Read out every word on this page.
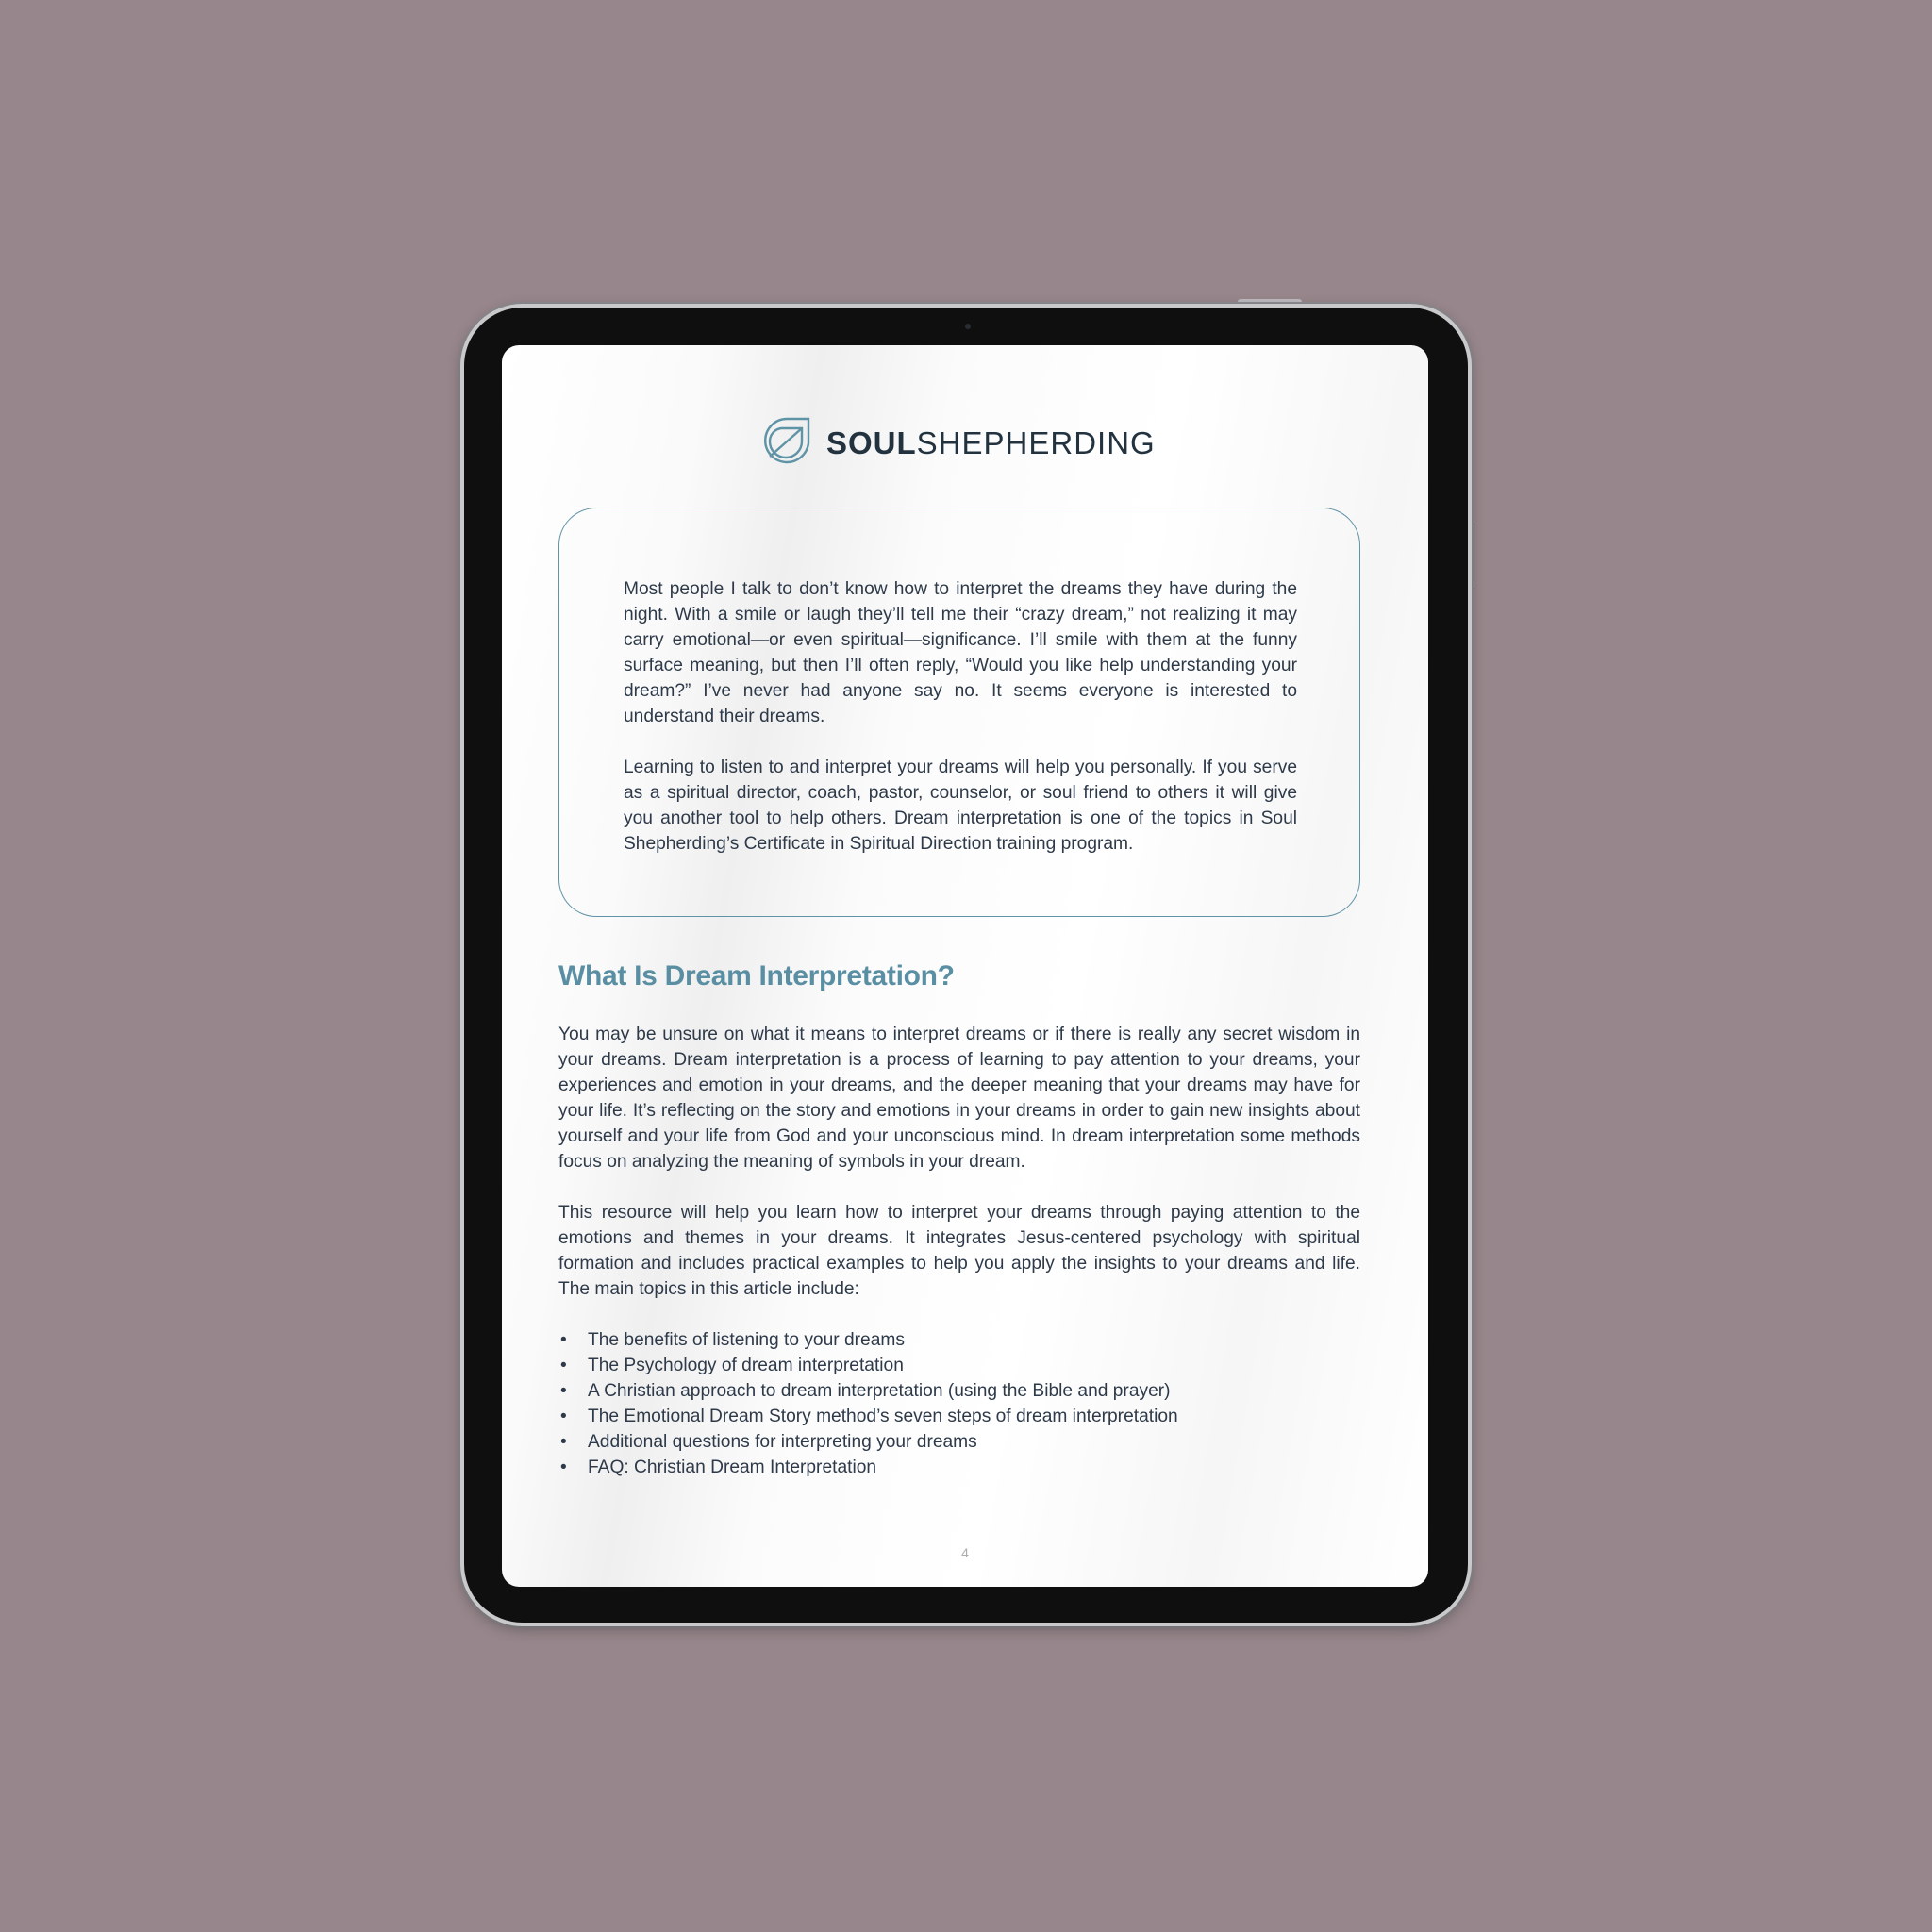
SOULSHEPHERDING

Most people I talk to don’t know how to interpret the dreams they have during the night. With a smile or laugh they’ll tell me their “crazy dream,” not realizing it may carry emotional—or even spiritual—significance. I’ll smile with them at the funny surface meaning, but then I’ll often reply, “Would you like help understanding your dream?” I’ve never had anyone say no. It seems everyone is interested to understand their dreams.

Learning to listen to and interpret your dreams will help you personally. If you serve as a spiritual director, coach, pastor, counselor, or soul friend to others it will give you another tool to help others. Dream interpretation is one of the topics in Soul Shepherding’s Certificate in Spiritual Direction training program.

What Is Dream Interpretation?

You may be unsure on what it means to interpret dreams or if there is really any secret wisdom in your dreams. Dream interpretation is a process of learning to pay attention to your dreams, your experiences and emotion in your dreams, and the deeper meaning that your dreams may have for your life. It’s reflecting on the story and emotions in your dreams in order to gain new insights about yourself and your life from God and your unconscious mind. In dream interpretation some methods focus on analyzing the meaning of symbols in your dream.

This resource will help you learn how to interpret your dreams through paying attention to the emotions and themes in your dreams. It integrates Jesus-centered psychology with spiritual formation and includes practical examples to help you apply the insights to your dreams and life. The main topics in this article include:

• The benefits of listening to your dreams
• The Psychology of dream interpretation
• A Christian approach to dream interpretation (using the Bible and prayer)
• The Emotional Dream Story method’s seven steps of dream interpretation
• Additional questions for interpreting your dreams
• FAQ: Christian Dream Interpretation
4
